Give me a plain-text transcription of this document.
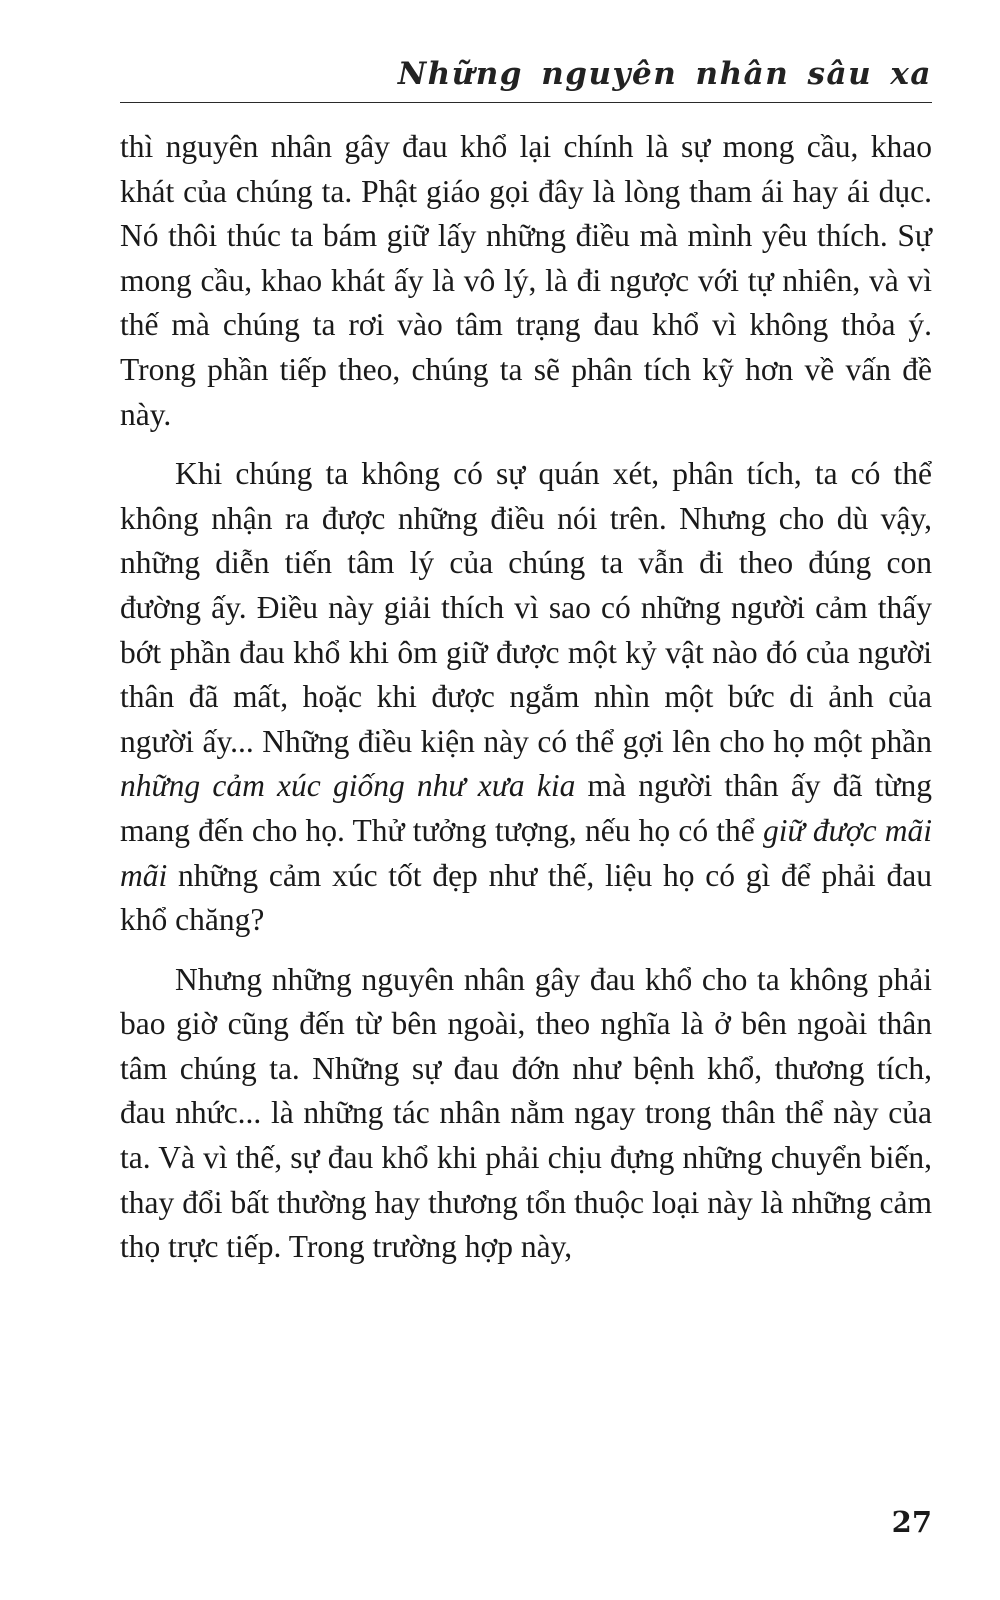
Những nguyên nhân sâu xa

thì nguyên nhân gây đau khổ lại chính là sự mong cầu, khao khát của chúng ta. Phật giáo gọi đây là lòng tham ái hay ái dục. Nó thôi thúc ta bám giữ lấy những điều mà mình yêu thích. Sự mong cầu, khao khát ấy là vô lý, là đi ngược với tự nhiên, và vì thế mà chúng ta rơi vào tâm trạng đau khổ vì không thỏa ý. Trong phần tiếp theo, chúng ta sẽ phân tích kỹ hơn về vấn đề này.

Khi chúng ta không có sự quán xét, phân tích, ta có thể không nhận ra được những điều nói trên. Nhưng cho dù vậy, những diễn tiến tâm lý của chúng ta vẫn đi theo đúng con đường ấy. Điều này giải thích vì sao có những người cảm thấy bớt phần đau khổ khi ôm giữ được một kỷ vật nào đó của người thân đã mất, hoặc khi được ngắm nhìn một bức di ảnh của người ấy... Những điều kiện này có thể gợi lên cho họ một phần những cảm xúc giống như xưa kia mà người thân ấy đã từng mang đến cho họ. Thử tưởng tượng, nếu họ có thể giữ được mãi mãi những cảm xúc tốt đẹp như thế, liệu họ có gì để phải đau khổ chăng?

Nhưng những nguyên nhân gây đau khổ cho ta không phải bao giờ cũng đến từ bên ngoài, theo nghĩa là ở bên ngoài thân tâm chúng ta. Những sự đau đớn như bệnh khổ, thương tích, đau nhức... là những tác nhân nằm ngay trong thân thể này của ta. Và vì thế, sự đau khổ khi phải chịu đựng những chuyển biến, thay đổi bất thường hay thương tổn thuộc loại này là những cảm thọ trực tiếp. Trong trường hợp này,

27
